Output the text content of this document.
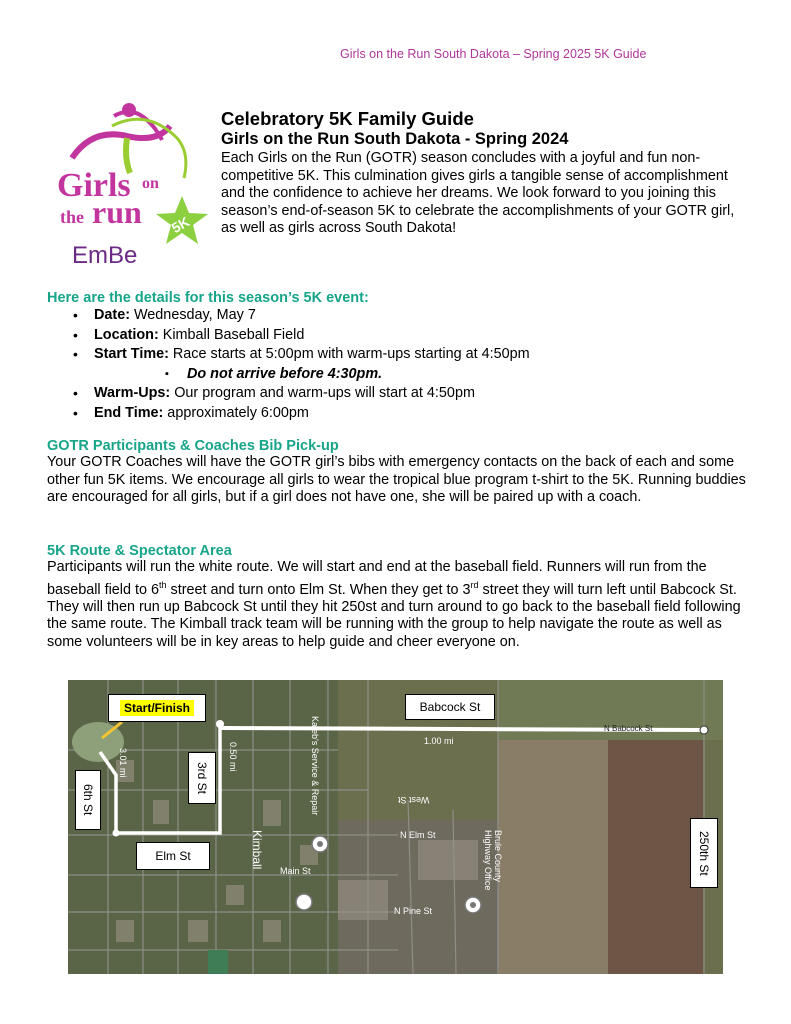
Girls on the Run South Dakota – Spring 2025 5K Guide
Girls on
the run 5K
EmBe
Celebratory 5K Family Guide
Girls on the Run South Dakota - Spring 2024
Each Girls on the Run (GOTR) season concludes with a joyful and fun non-competitive 5K. This culmination gives girls a tangible sense of accomplishment and the confidence to achieve her dreams. We look forward to you joining this season’s end-of-season 5K to celebrate the accomplishments of your GOTR girl, as well as girls across South Dakota!
Here are the details for this season’s 5K event:
• Date: Wednesday, May 7
• Location: Kimball Baseball Field
• Start Time: Race starts at 5:00pm with warm-ups starting at 4:50pm
▪ Do not arrive before 4:30pm.
• Warm-Ups: Our program and warm-ups will start at 4:50pm
• End Time: approximately 6:00pm
GOTR Participants & Coaches Bib Pick-up
Your GOTR Coaches will have the GOTR girl’s bibs with emergency contacts on the back of each and some other fun 5K items. We encourage all girls to wear the tropical blue program t-shirt to the 5K. Running buddies are encouraged for all girls, but if a girl does not have one, she will be paired up with a coach.
5K Route & Spectator Area
Participants will run the white route. We will start and end at the baseball field. Runners will run from the baseball field to 6th street and turn onto Elm St. When they get to 3rd street they will turn left until Babcock St. They will then run up Babcock St until they hit 250st and turn around to go back to the baseball field following the same route. The Kimball track team will be running with the group to help navigate the route as well as some volunteers will be in key areas to help guide and cheer everyone on.
Start/Finish	Babcock St
6th St
3rd St
Elm St	250th St
N Babcock St
1.00 mi
0.50 mi
3.01 mi
West St
N Elm St
Main St
N Pine St
Kimball	Brule County Highway Office
Kaleb's Service & Repair
